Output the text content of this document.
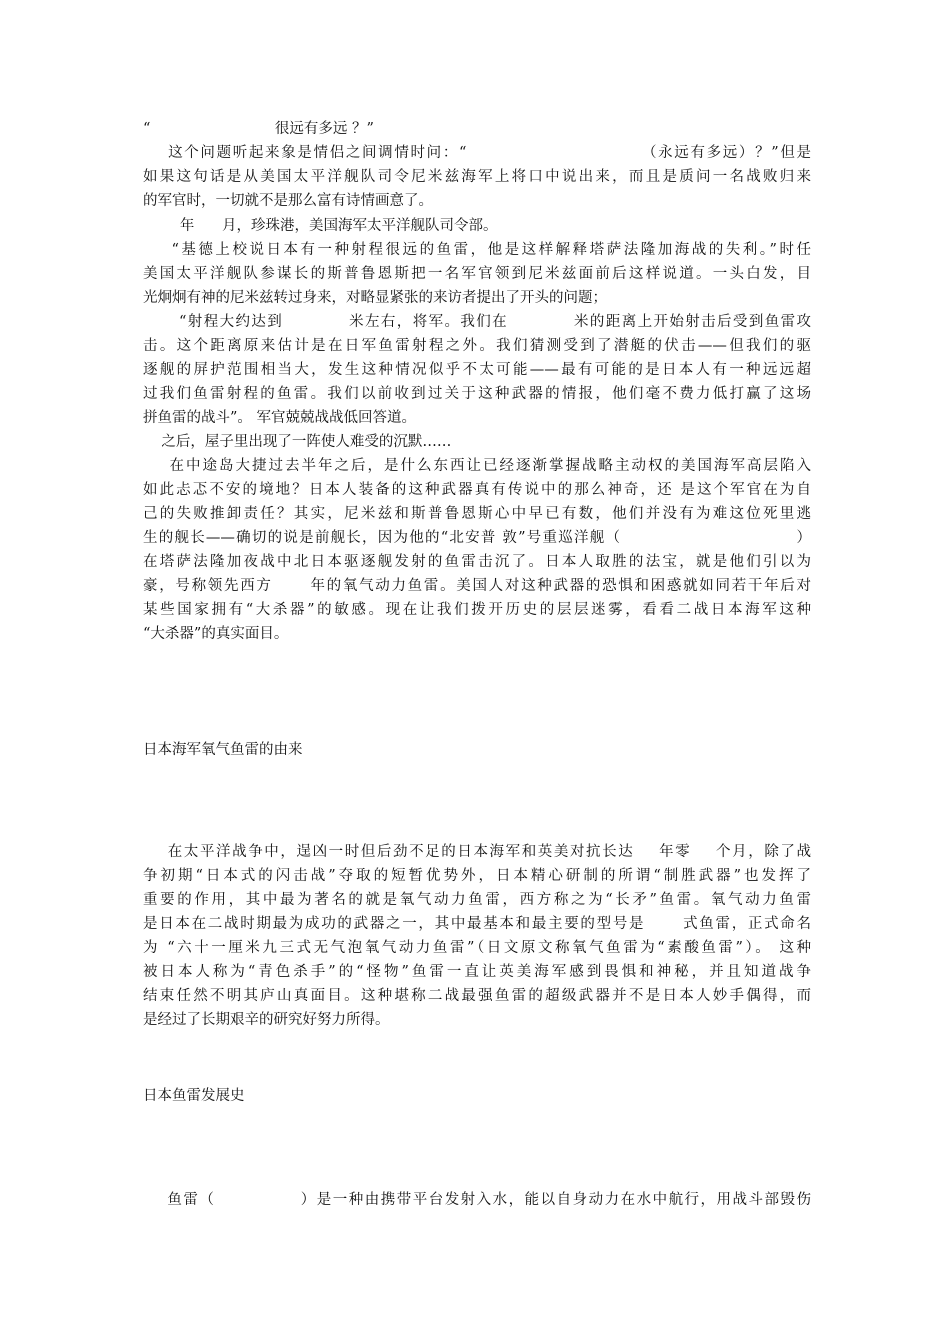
“                           很远有多远 ？”

这个问题听起来象是情侣之间调情时问：“                            （永远有多远）？”但是

如果这句话是从美国太平洋舰队司令尼米兹海军上将口中说出来，而且是质问一名战败归来

的军官时，一切就不是那么富有诗情画意了。

年      月，珍珠港，美国海军太平洋舰队司令部。

“基德上校说日本有一种射程很远的鱼雷，他是这样解释塔萨法隆加海战的失利。”时任

美国太平洋舰队参谋长的斯普鲁恩斯把一名军官领到尼米兹面前后这样说道。一头白发，目

光炯炯有神的尼米兹转过身来，对略显紧张的来访者提出了开头的问题；

“射程大约达到           米左右，将军。我们在           米的距离上开始射击后受到鱼雷攻

击。这个距离原来估计是在日军鱼雷射程之外。我们猜测受到了潜艇的伏击——但我们的驱

逐舰的屏护范围相当大，发生这种情况似乎不太可能——最有可能的是日本人有一种远远超

过我们鱼雷射程的鱼雷。我们以前收到过关于这种武器的情报，他们毫不费力低打赢了这场

拼鱼雷的战斗”。 军官兢兢战战低回答道。

之后，屋子里出现了一阵使人难受的沉默……

在中途岛大捷过去半年之后，是什么东西让已经逐渐掌握战略主动权的美国海军高层陷入

如此忐忑不安的境地？日本人装备的这种武器真有传说中的那么神奇，还 是这个军官在为自

己的失败推卸责任？其实，尼米兹和斯普鲁恩斯心中早已有数，他们并没有为难这位死里逃

生的舰长——确切的说是前舰长，因为他的“北安普 敦”号重巡洋舰（                              ）

在塔萨法隆加夜战中北日本驱逐舰发射的鱼雷击沉了。日本人取胜的法宝，就是他们引以为

豪，号称领先西方      年的氧气动力鱼雷。美国人对这种武器的恐惧和困惑就如同若干年后对

某些国家拥有“大杀器”的敏感。现在让我们拨开历史的层层迷雾，看看二战日本海军这种

“大杀器”的真实面目。

日本海军氧气鱼雷的由来

在太平洋战争中，逞凶一时但后劲不足的日本海军和英美对抗长达    年零    个月，除了战

争初期“日本式的闪击战”夺取的短暂优势外，日本精心研制的所谓“制胜武器”也发挥了

重要的作用，其中最为著名的就是氧气动力鱼雷，西方称之为“长矛”鱼雷。氧气动力鱼雷

是日本在二战时期最为成功的武器之一，其中最基本和最主要的型号是      式鱼雷，正式命名

为 “六十一厘米九三式无气泡氧气动力鱼雷”（日文原文称氧气鱼雷为“素酸鱼雷”）。 这种

被日本人称为“青色杀手”的“怪物”鱼雷一直让英美海军感到畏惧和神秘，并且知道战争

结束任然不明其庐山真面目。这种堪称二战最强鱼雷的超级武器并不是日本人妙手偶得，而

是经过了长期艰辛的研究好努力所得。

日本鱼雷发展史

鱼雷（              ）是一种由携带平台发射入水，能以自身动力在水中航行，用战斗部毁伤
